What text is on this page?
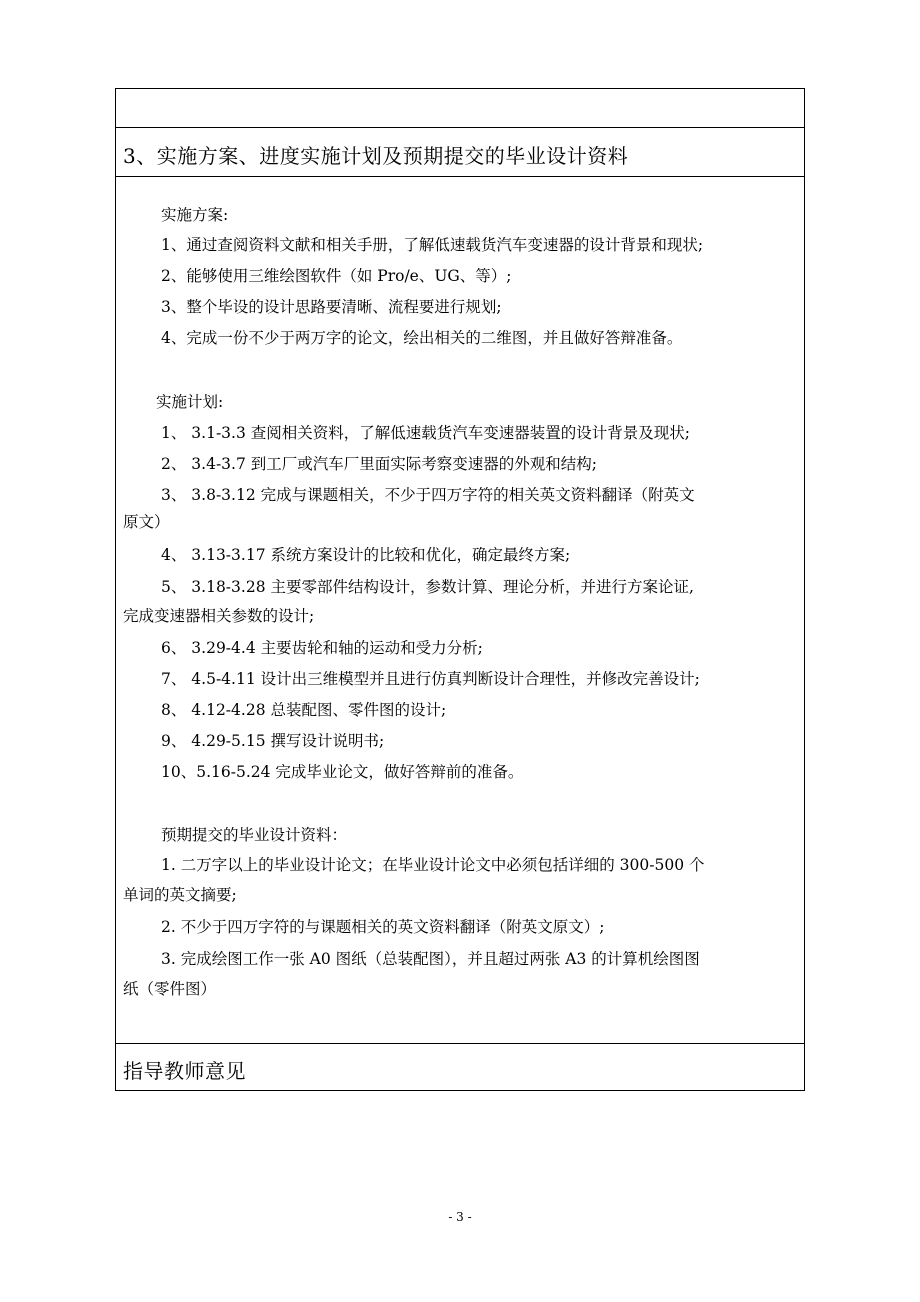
3、实施方案、进度实施计划及预期提交的毕业设计资料
实施方案:
1、通过查阅资料文献和相关手册，了解低速载货汽车变速器的设计背景和现状;
2、能够使用三维绘图软件（如 Pro/e、UG、等）;
3、整个毕设的设计思路要清晰、流程要进行规划;
4、完成一份不少于两万字的论文，绘出相关的二维图，并且做好答辩准备。
实施计划:
1、 3.1-3.3 查阅相关资料，了解低速载货汽车变速器装置的设计背景及现状;
2、 3.4-3.7 到工厂或汽车厂里面实际考察变速器的外观和结构;
3、 3.8-3.12 完成与课题相关，不少于四万字符的相关英文资料翻译（附英文
原文）
4、 3.13-3.17 系统方案设计的比较和优化，确定最终方案;
5、 3.18-3.28 主要零部件结构设计，参数计算、理论分析，并进行方案论证,
完成变速器相关参数的设计;
6、 3.29-4.4 主要齿轮和轴的运动和受力分析;
7、 4.5-4.11 设计出三维模型并且进行仿真判断设计合理性，并修改完善设计;
8、 4.12-4.28 总装配图、零件图的设计;
9、 4.29-5.15 撰写设计说明书;
10、5.16-5.24 完成毕业论文，做好答辩前的准备。
预期提交的毕业设计资料：
1. 二万字以上的毕业设计论文；在毕业设计论文中必须包括详细的 300-500 个
单词的英文摘要;
2. 不少于四万字符的与课题相关的英文资料翻译（附英文原文）;
3. 完成绘图工作一张 A0 图纸（总装配图），并且超过两张 A3 的计算机绘图图
纸（零件图）
指导教师意见
- 3 -
